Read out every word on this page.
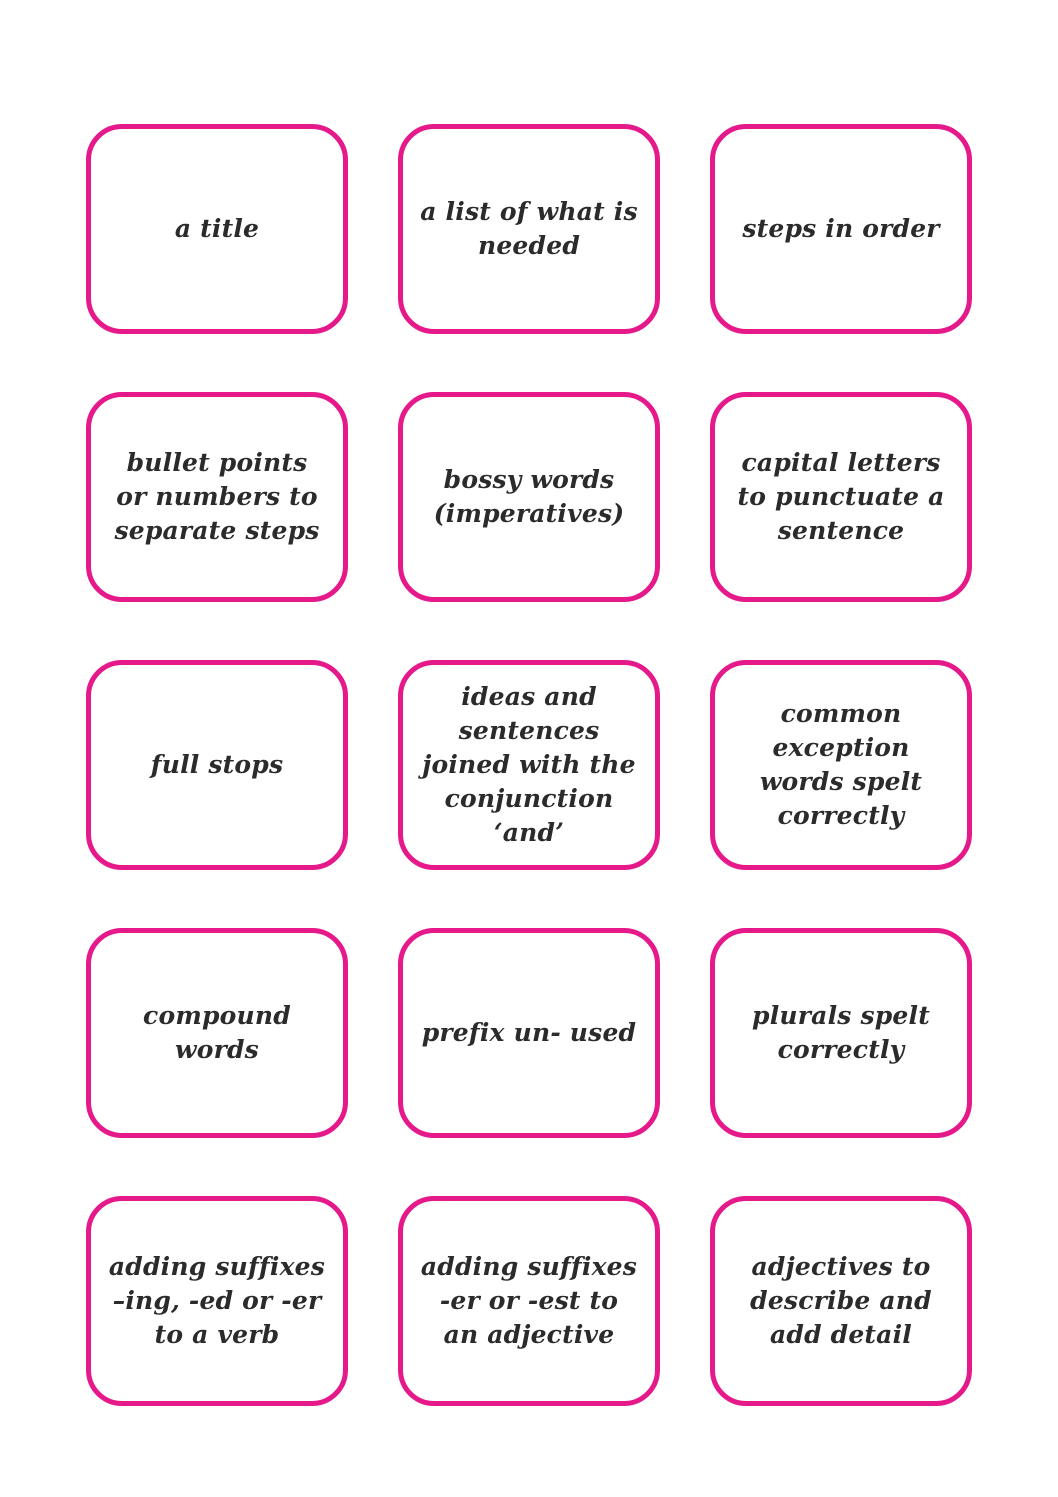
a title
a list of what is
needed
steps in order
bullet points
or numbers to
separate steps
bossy words
(imperatives)
capital letters
to punctuate a
sentence
full stops
ideas and
sentences
joined with the
conjunction ‘and’
common exception
words spelt
correctly
compound words
prefix un- used
plurals spelt
correctly
adding suffixes
–ing, -ed or -er
to a verb
adding suffixes
-er or -est to
an adjective
adjectives to
describe and
add detail
